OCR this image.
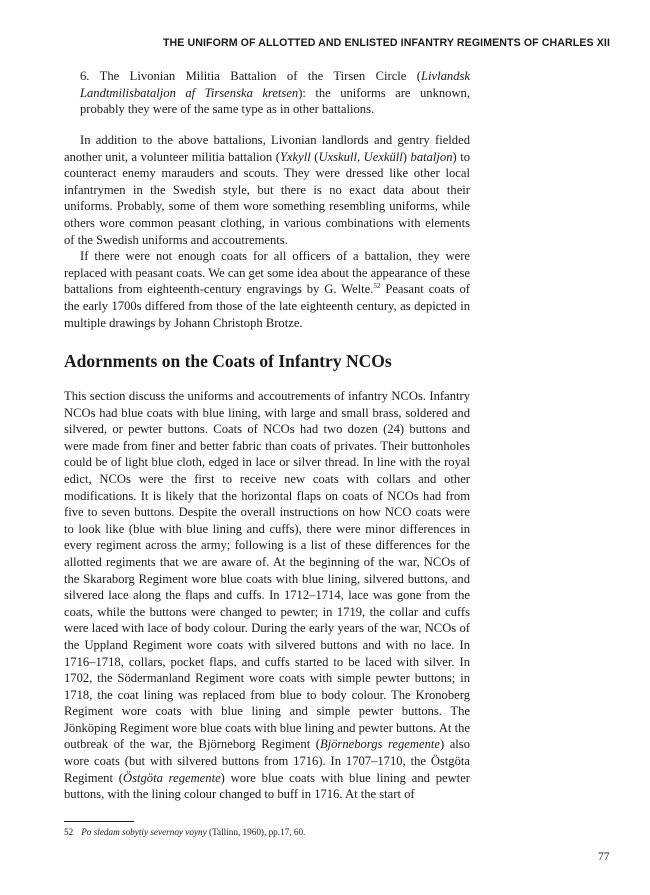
THE UNIFORM OF ALLOTTED AND ENLISTED INFANTRY REGIMENTS OF CHARLES XII
6. The Livonian Militia Battalion of the Tirsen Circle (Livlandsk Landtmilisbataljon af Tirsenska kretsen): the uniforms are unknown, probably they were of the same type as in other battalions.

In addition to the above battalions, Livonian landlords and gentry fielded another unit, a volunteer militia battalion (Yxkyll (Uxskull, Uexküll) bataljon) to counteract enemy marauders and scouts. They were dressed like other local infantrymen in the Swedish style, but there is no exact data about their uniforms. Probably, some of them wore something resembling uniforms, while others wore common peasant clothing, in various combinations with elements of the Swedish uniforms and accoutrements.

If there were not enough coats for all officers of a battalion, they were replaced with peasant coats. We can get some idea about the appearance of these battalions from eighteenth-century engravings by G. Welte.$^{52}$ Peasant coats of the early 1700s differed from those of the late eighteenth century, as depicted in multiple drawings by Johann Christoph Brotze.

Adornments on the Coats of Infantry NCOs

This section discuss the uniforms and accoutrements of infantry NCOs. Infantry NCOs had blue coats with blue lining, with large and small brass, soldered and silvered, or pewter buttons. Coats of NCOs had two dozen (24) buttons and were made from finer and better fabric than coats of privates. Their buttonholes could be of light blue cloth, edged in lace or silver thread. In line with the royal edict, NCOs were the first to receive new coats with collars and other modifications. It is likely that the horizontal flaps on coats of NCOs had from five to seven buttons. Despite the overall instructions on how NCO coats were to look like (blue with blue lining and cuffs), there were minor differences in every regiment across the army; following is a list of these differences for the allotted regiments that we are aware of. At the beginning of the war, NCOs of the Skaraborg Regiment wore blue coats with blue lining, silvered buttons, and silvered lace along the flaps and cuffs. In 1712–1714, lace was gone from the coats, while the buttons were changed to pewter; in 1719, the collar and cuffs were laced with lace of body colour. During the early years of the war, NCOs of the Uppland Regiment wore coats with silvered buttons and with no lace. In 1716–1718, collars, pocket flaps, and cuffs started to be laced with silver. In 1702, the Södermanland Regiment wore coats with simple pewter buttons; in 1718, the coat lining was replaced from blue to body colour. The Kronoberg Regiment wore coats with blue lining and simple pewter buttons. The Jönköping Regiment wore blue coats with blue lining and pewter buttons. At the outbreak of the war, the Björneborg Regiment (Björneborgs regemente) also wore coats (but with silvered buttons from 1716). In 1707–1710, the Östgöta Regiment (Östgöta regemente) wore blue coats with blue lining and pewter buttons, with the lining colour changed to buff in 1716. At the start of

52 Po sledam sobytiy severnoy voyny (Tallinn, 1960), pp.17, 60.
77
